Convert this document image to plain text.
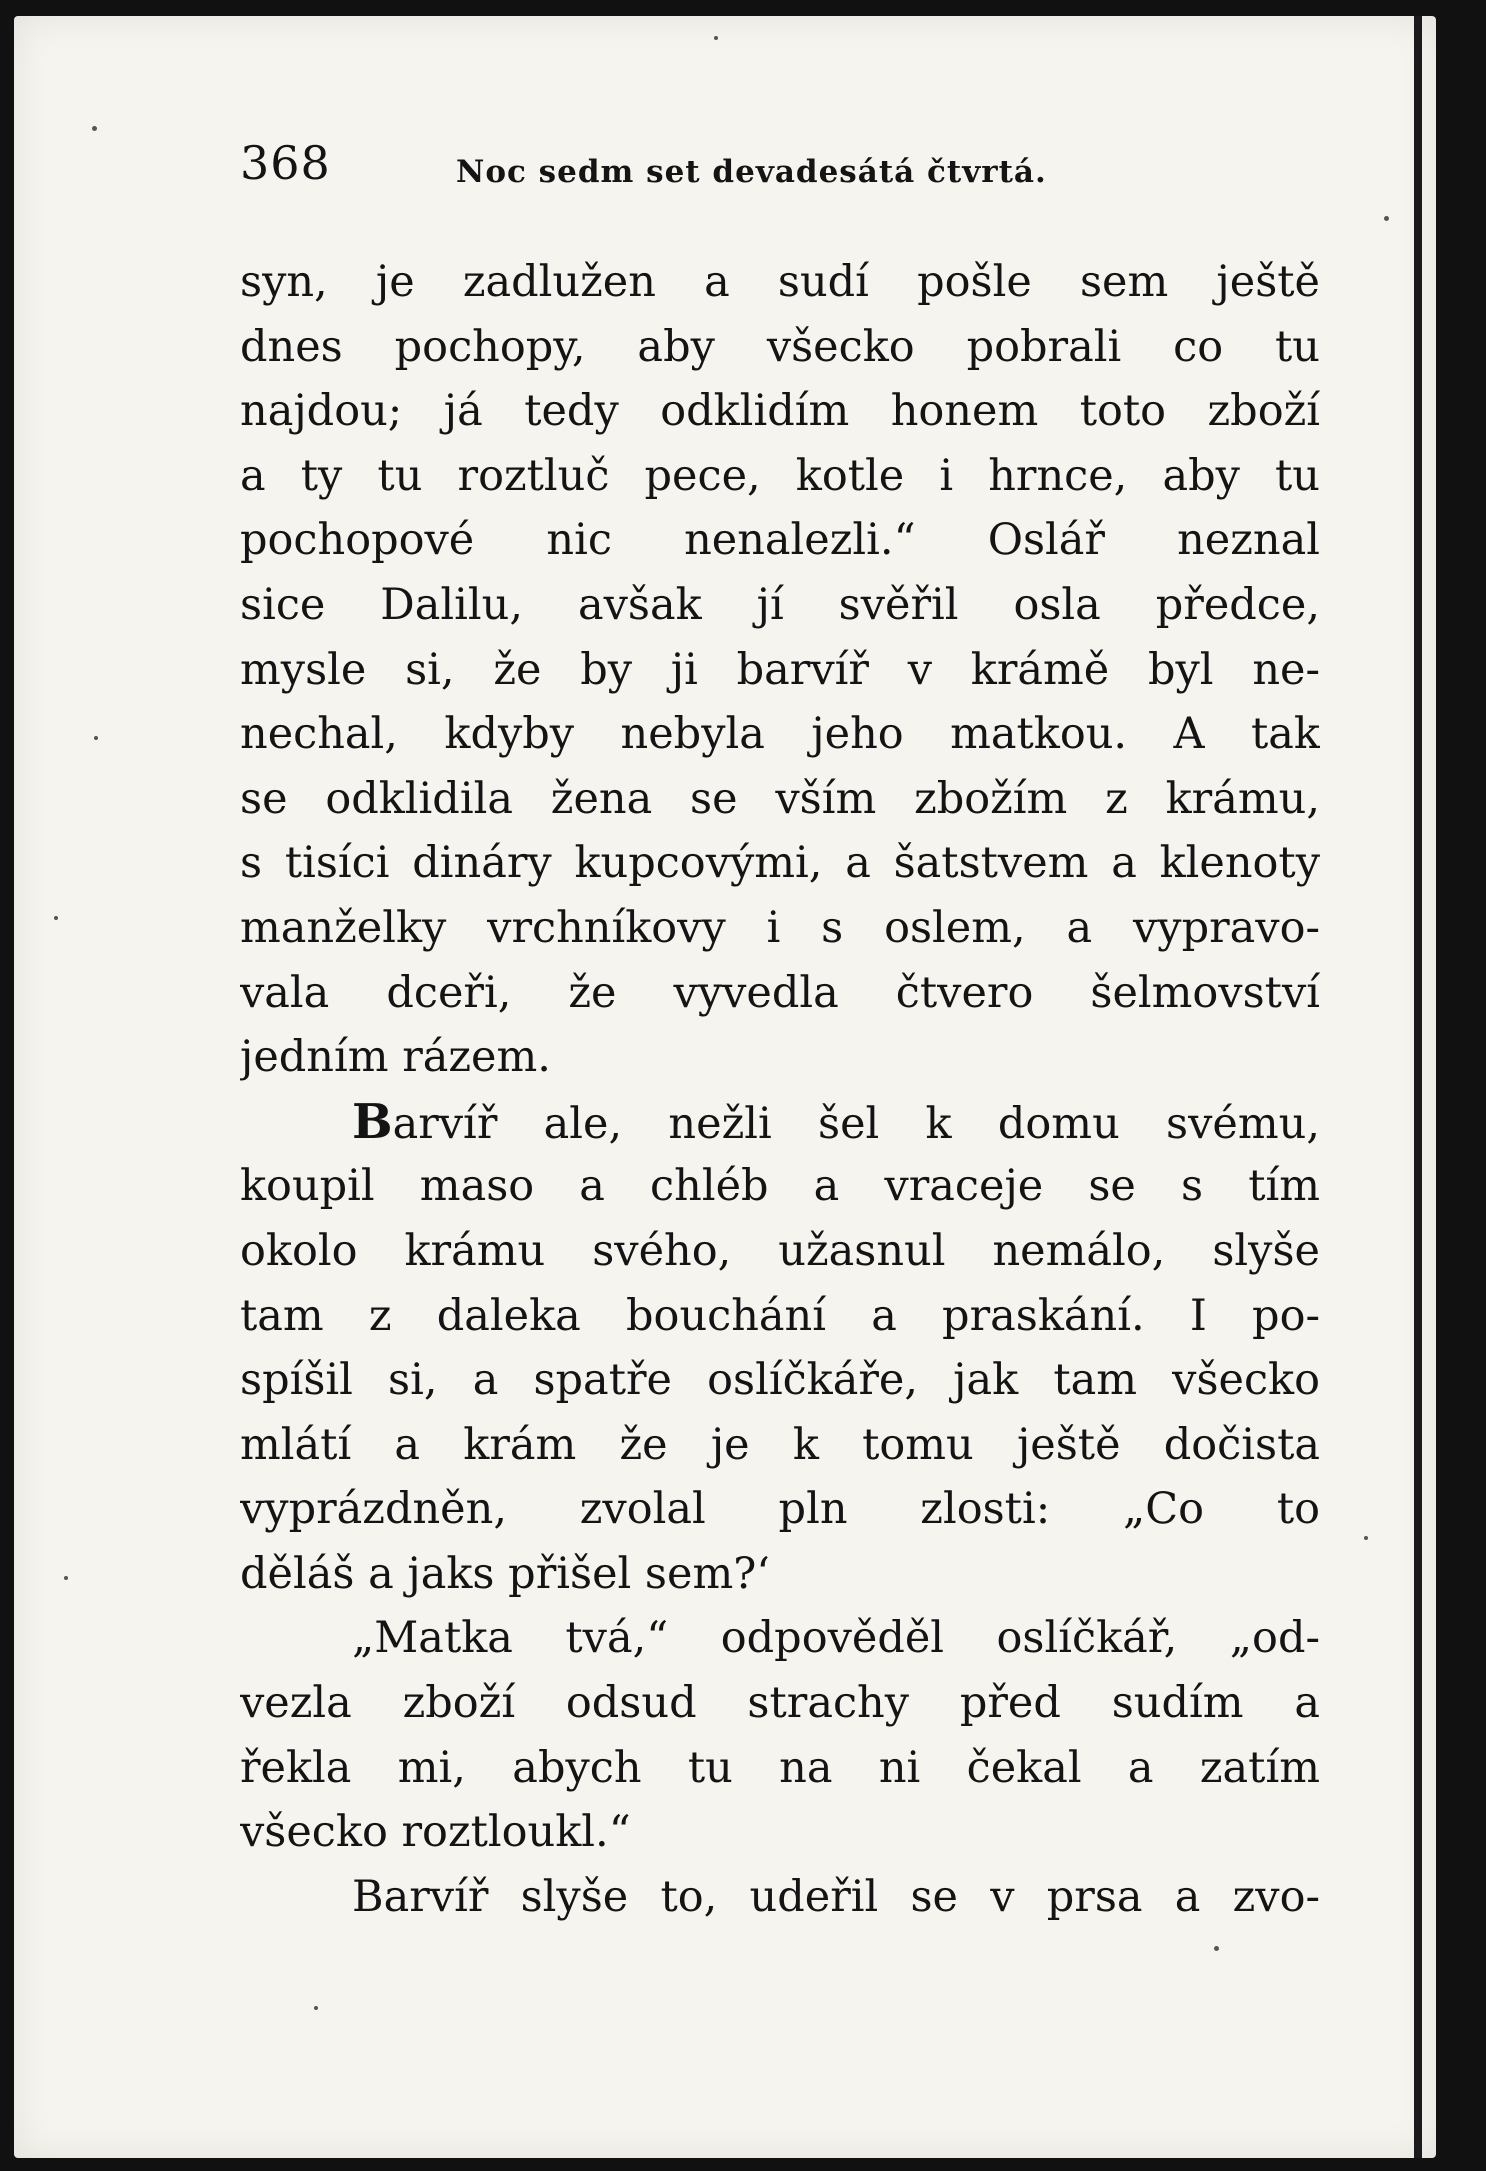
368	Noc sedm set devadesátá čtvrtá.
syn, je zadlužen a sudí pošle sem ještě
dnes pochopy, aby všecko pobrali co tu
najdou; já tedy odklidím honem toto zboží
a ty tu roztluč pece, kotle i hrnce, aby tu
pochopové nic nenalezli.“ Oslář neznal
sice Dalilu, avšak jí svěřil osla předce,
mysle si, že by ji barvíř v krámě byl ne-
nechal, kdyby nebyla jeho matkou. A tak
se odklidila žena se vším zbožím z krámu,
s tisíci dináry kupcovými, a šatstvem a klenoty
manželky vrchníkovy i s oslem, a vypravo-
vala dceři, že vyvedla čtvero šelmovství
jedním rázem.
Barvíř ale, nežli šel k domu svému,
koupil maso a chléb a vraceje se s tím
okolo krámu svého, užasnul nemálo, slyše
tam z daleka bouchání a praskání. I po-
spíšil si, a spatře oslíčkáře, jak tam všecko
mlátí a krám že je k tomu ještě dočista
vyprázdněn, zvolal pln zlosti: „Co to
děláš a jaks přišel sem?‘
„Matka tvá,“ odpověděl oslíčkář, „od-
vezla zboží odsud strachy před sudím a
řekla mi, abych tu na ni čekal a zatím
všecko roztloukl.“
Barvíř slyše to, udeřil se v prsa a zvo-
